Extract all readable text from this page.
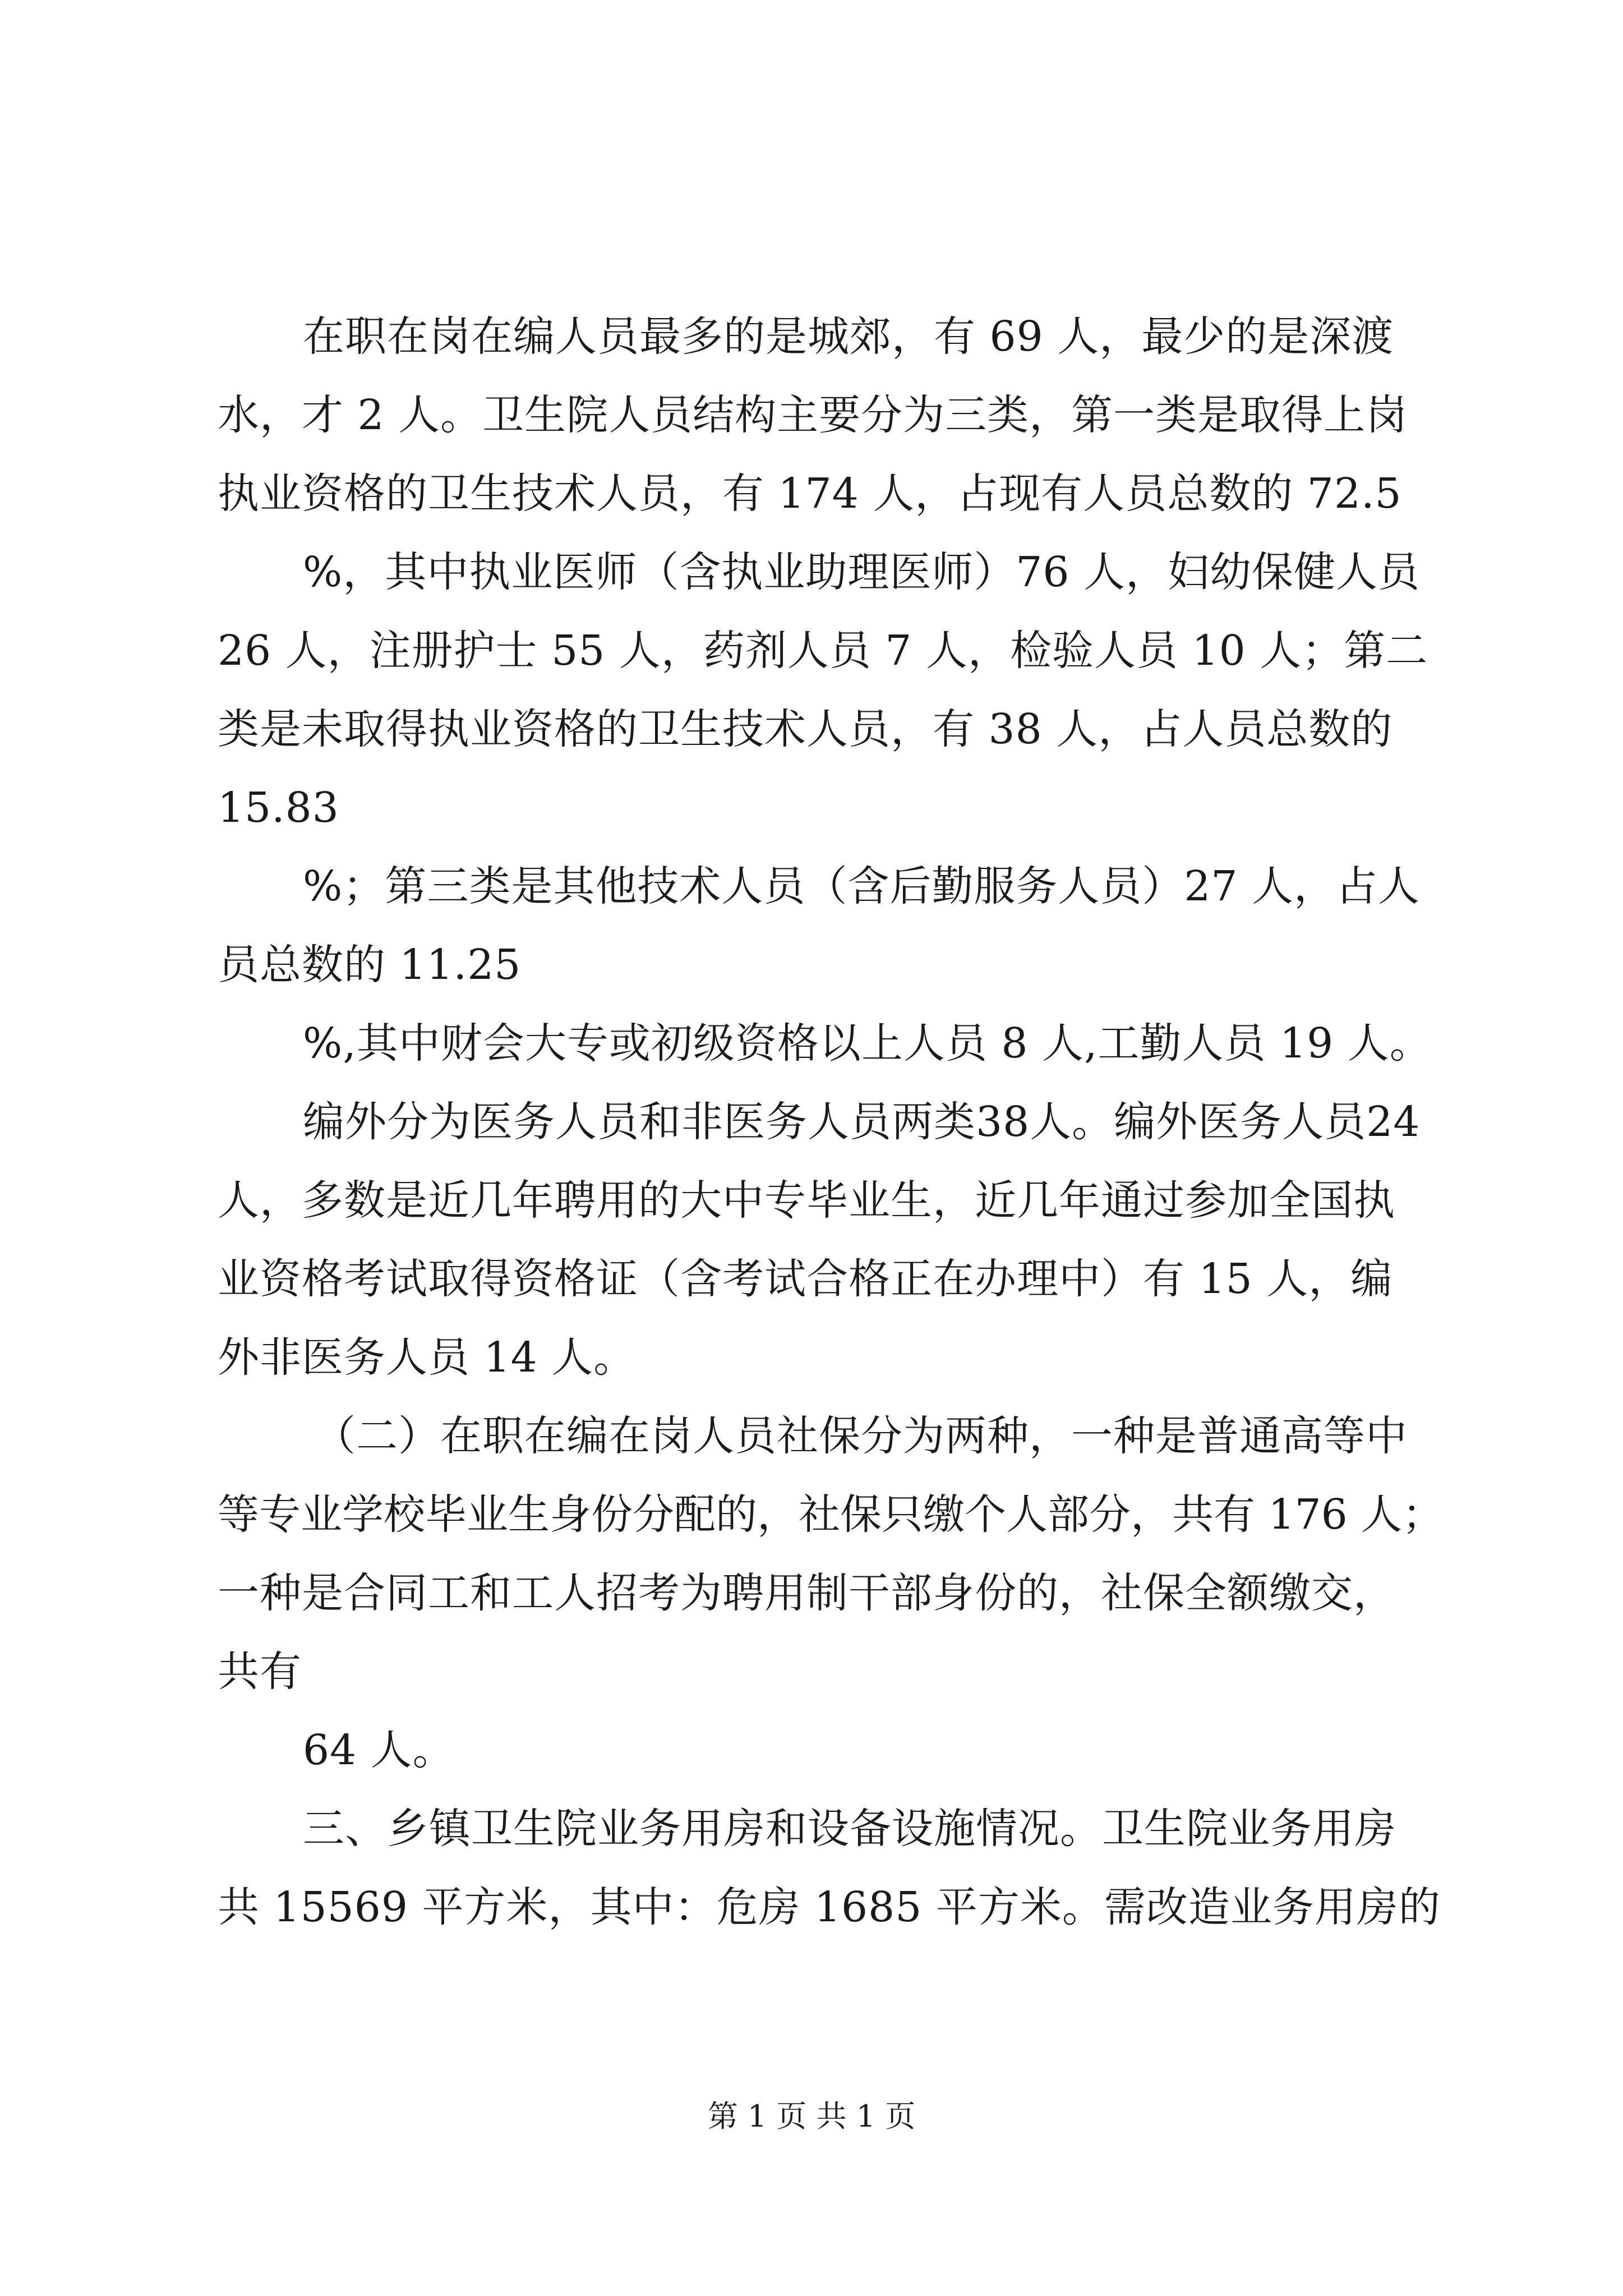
在职在岗在编人员最多的是城郊，有 69 人，最少的是深渡
水，才 2 人。卫生院人员结构主要分为三类，第一类是取得上岗
执业资格的卫生技术人员，有 174 人，占现有人员总数的 72.5
%，其中执业医师（含执业助理医师）76 人，妇幼保健人员
26 人，注册护士 55 人，药剂人员 7 人，检验人员 10 人；第二
类是未取得执业资格的卫生技术人员，有 38 人，占人员总数的
15.83
%；第三类是其他技术人员（含后勤服务人员）27 人，占人
员总数的 11.25
%,其中财会大专或初级资格以上人员 8 人,工勤人员 19 人。
编外分为医务人员和非医务人员两类38人。编外医务人员24
人，多数是近几年聘用的大中专毕业生，近几年通过参加全国执
业资格考试取得资格证（含考试合格正在办理中）有 15 人，编
外非医务人员 14 人。
（二）在职在编在岗人员社保分为两种，一种是普通高等中
等专业学校毕业生身份分配的，社保只缴个人部分，共有 176 人；
一种是合同工和工人招考为聘用制干部身份的，社保全额缴交，
共有
64 人。
三、乡镇卫生院业务用房和设备设施情况。卫生院业务用房
共 15569 平方米，其中：危房 1685 平方米。需改造业务用房的
第 1 页 共 1 页
